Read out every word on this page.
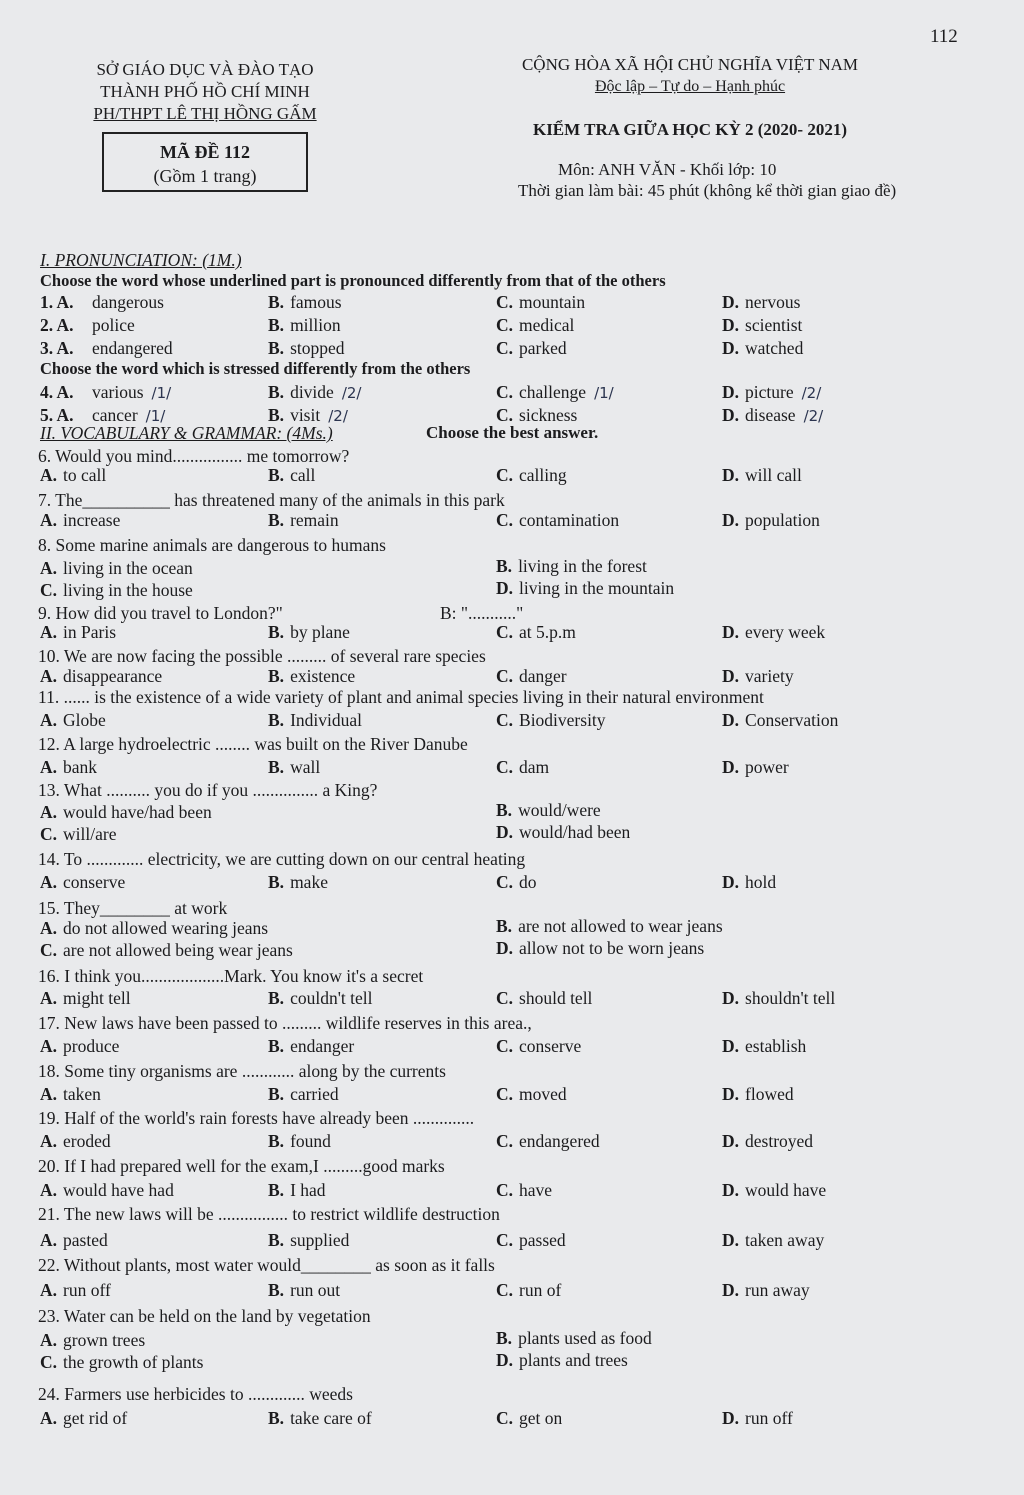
112
SỞ GIÁO DỤC VÀ ĐÀO TẠO
THÀNH PHỐ HỒ CHÍ MINH
PH/THPT LÊ THỊ HỒNG GẤM
MÃ ĐỀ 112
(Gồm 1 trang)
CỘNG HÒA XÃ HỘI CHỦ NGHĨA VIỆT NAM
Độc lập – Tự do – Hạnh phúc
KIỂM TRA GIỮA HỌC KỲ 2 (2020- 2021)
Môn: ANH VĂN - Khối lớp: 10
Thời gian làm bài: 45 phút (không kể thời gian giao đề)
I. PRONUNCIATION: (1M.)
Choose the word whose underlined part is pronounced differently from that of the others
1. A. dangerous	B. famous	C. mountain	D. nervous
2. A. police	B. million	C. medical	D. scientist
3. A. endangered	B. stopped	C. parked	D. watched
4. A. various /1/	B. divide /2/	C. challenge /1/	D. picture /2/
5. A. cancer /1/	B. visit /2/	C. sickness	D. disease /2/
Choose the word which is stressed differently from the others
II. VOCABULARY & GRAMMAR: (4Ms.)	Choose the best answer.
6. Would you mind................ me tomorrow?
A. to call	B. call	C. calling	D. will call
7. The__________ has threatened many of the animals in this park
A. increase	B. remain	C. contamination	D. population
8. Some marine animals are dangerous to humans
A. living in the ocean	B. living in the forest
C. living in the house	D. living in the mountain
9. How did you travel to London?"	B: "..........."
A. in Paris	B. by plane	C. at 5.p.m	D. every week
10. We are now facing the possible ......... of several rare species
A. disappearance	B. existence	C. danger	D. variety
11. ...... is the existence of a wide variety of plant and animal species living in their natural environment
A. Globe	B. Individual	C. Biodiversity	D. Conservation
12. A large hydroelectric ........ was built on the River Danube
A. bank	B. wall	C. dam	D. power
13. What .......... you do if you ............... a King?
A. would have/had been	B. would/were
C. will/are	D. would/had been
14. To ............. electricity, we are cutting down on our central heating
A. conserve	B. make	C. do	D. hold
15. They________ at work
A. do not allowed wearing jeans	B. are not allowed to wear jeans
C. are not allowed being wear jeans	D. allow not to be worn jeans
16. I think you...................Mark. You know it's a secret
A. might tell	B. couldn't tell	C. should tell	D. shouldn't tell
17. New laws have been passed to ......... wildlife reserves in this area.,
A. produce	B. endanger	C. conserve	D. establish
18. Some tiny organisms are ............ along by the currents
A. taken	B. carried	C. moved	D. flowed
19. Half of the world's rain forests have already been ..............
A. eroded	B. found	C. endangered	D. destroyed
20. If I had prepared well for the exam,I .........good marks
A. would have had	B. I had	C. have	D. would have
21. The new laws will be ................ to restrict wildlife destruction
A. pasted	B. supplied	C. passed	D. taken away
22. Without plants, most water would________ as soon as it falls
A. run off	B. run out	C. run of	D. run away
23. Water can be held on the land by vegetation
A. grown trees	B. plants used as food
C. the growth of plants	D. plants and trees
24. Farmers use herbicides to ............. weeds
A. get rid of	B. take care of	C. get on	D. run off
